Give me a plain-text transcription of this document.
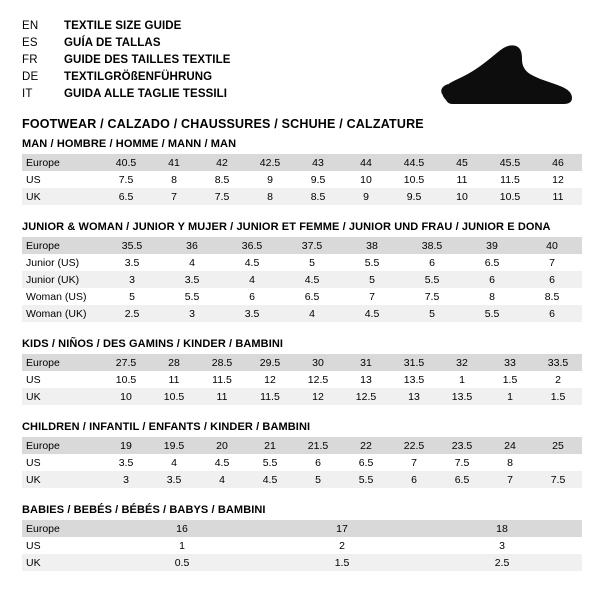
EN	TEXTILE SIZE GUIDE
ES	GUÍA DE TALLAS
FR	GUIDE DES TAILLES TEXTILE
DE	TEXTILGRÖßENFÜHRUNG
IT	GUIDA ALLE TAGLIE TESSILI
FOOTWEAR / CALZADO / CHAUSSURES / SCHUHE / CALZATURE
MAN / HOMBRE / HOMME / MANN / MAN
Europe	40.5	41	42	42.5	43	44	44.5	45	45.5	46
US	7.5	8	8.5	9	9.5	10	10.5	11	11.5	12
UK	6.5	7	7.5	8	8.5	9	9.5	10	10.5	11
JUNIOR & WOMAN / JUNIOR Y MUJER / JUNIOR ET FEMME / JUNIOR UND FRAU / JUNIOR E DONA
Europe	35.5	36	36.5	37.5	38	38.5	39	40
Junior (US)	3.5	4	4.5	5	5.5	6	6.5	7
Junior (UK)	3	3.5	4	4.5	5	5.5	6	6
Woman (US)	5	5.5	6	6.5	7	7.5	8	8.5
Woman (UK)	2.5	3	3.5	4	4.5	5	5.5	6
KIDS / NIÑOS / DES GAMINS / KINDER / BAMBINI
Europe	27.5	28	28.5	29.5	30	31	31.5	32	33	33.5
US	10.5	11	11.5	12	12.5	13	13.5	1	1.5	2
UK	10	10.5	11	11.5	12	12.5	13	13.5	1	1.5
CHILDREN / INFANTIL / ENFANTS / KINDER / BAMBINI
Europe	19	19.5	20	21	21.5	22	22.5	23.5	24	25
US	3.5	4	4.5	5.5	6	6.5	7	7.5	8	
UK	3	3.5	4	4.5	5	5.5	6	6.5	7	7.5
BABIES / BEBÉS / BÉBÉS / BABYS / BAMBINI
Europe	16	17	18
US	1	2	3
UK	0.5	1.5	2.5
